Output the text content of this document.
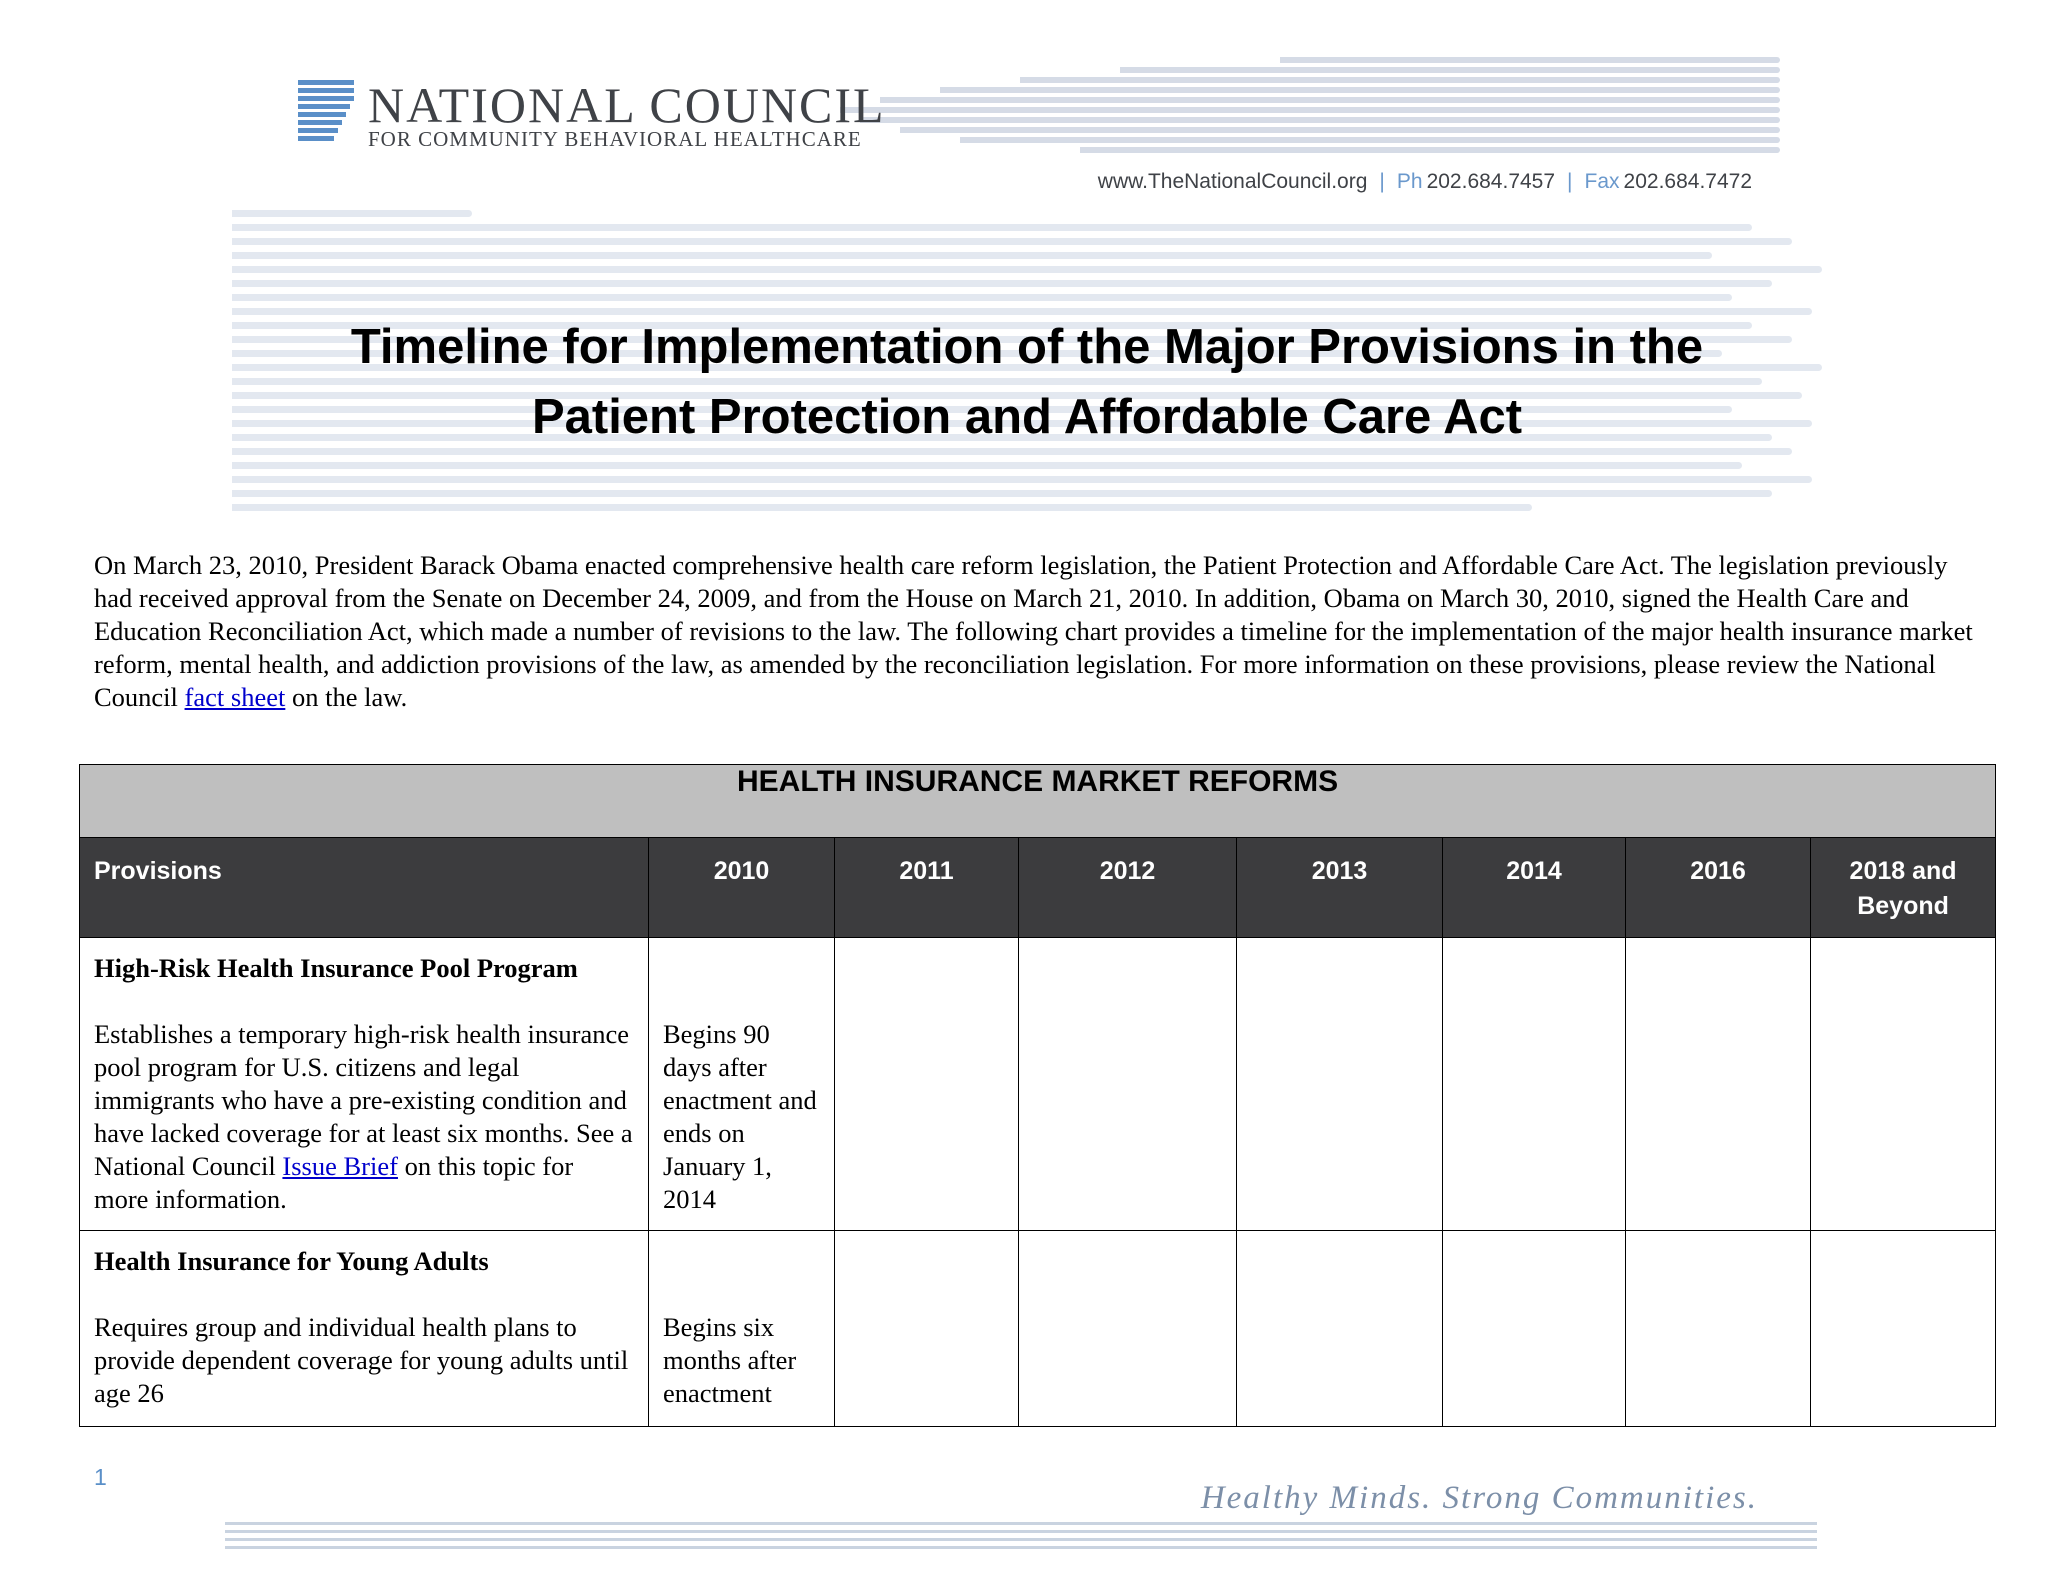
NATIONAL COUNCIL
FOR COMMUNITY BEHAVIORAL HEALTHCARE
www.TheNationalCouncil.org | Ph 202.684.7457 | Fax 202.684.7472
Timeline for Implementation of the Major Provisions in the
Patient Protection and Affordable Care Act
On March 23, 2010, President Barack Obama enacted comprehensive health care reform legislation, the Patient Protection and Affordable Care Act. The legislation previously had received approval from the Senate on December 24, 2009, and from the House on March 21, 2010. In addition, Obama on March 30, 2010, signed the Health Care and Education Reconciliation Act, which made a number of revisions to the law. The following chart provides a timeline for the implementation of the major health insurance market reform, mental health, and addiction provisions of the law, as amended by the reconciliation legislation. For more information on these provisions, please review the National Council fact sheet on the law.
HEALTH INSURANCE MARKET REFORMS							
Provisions	2010	2011	2012	2013	2014	2016	2018 and Beyond

High-Risk Health Insurance Pool Program
Establishes a temporary high-risk health insurance pool program for U.S. citizens and legal immigrants who have a pre-existing condition and have lacked coverage for at least six months. See a National Council Issue Brief on this topic for more information.	Begins 90 days after enactment and ends on January 1, 2014						

Health Insurance for Young Adults
Requires group and individual health plans to provide dependent coverage for young adults until age 26	Begins six months after enactment						
1
Healthy Minds. Strong Communities.
